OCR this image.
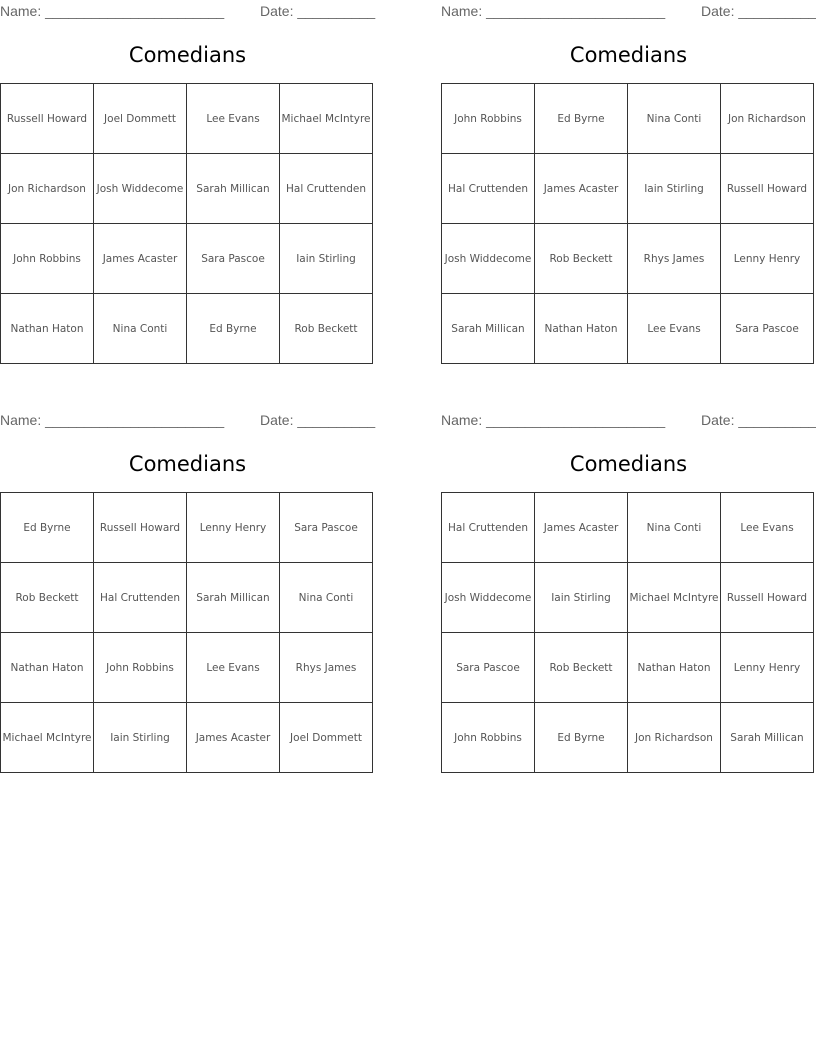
Name: _______________________	Date: __________
Comedians
Russell Howard	Joel Dommett	Lee Evans	Michael McIntyre
Jon Richardson	Josh Widdecome	Sarah Millican	Hal Cruttenden
John Robbins	James Acaster	Sara Pascoe	Iain Stirling
Nathan Haton	Nina Conti	Ed Byrne	Rob Beckett
Name: _______________________	Date: __________
Comedians
John Robbins	Ed Byrne	Nina Conti	Jon Richardson
Hal Cruttenden	James Acaster	Iain Stirling	Russell Howard
Josh Widdecome	Rob Beckett	Rhys James	Lenny Henry
Sarah Millican	Nathan Haton	Lee Evans	Sara Pascoe
Name: _______________________	Date: __________
Comedians
Ed Byrne	Russell Howard	Lenny Henry	Sara Pascoe
Rob Beckett	Hal Cruttenden	Sarah Millican	Nina Conti
Nathan Haton	John Robbins	Lee Evans	Rhys James
Michael McIntyre	Iain Stirling	James Acaster	Joel Dommett
Name: _______________________	Date: __________
Comedians
Hal Cruttenden	James Acaster	Nina Conti	Lee Evans
Josh Widdecome	Iain Stirling	Michael McIntyre	Russell Howard
Sara Pascoe	Rob Beckett	Nathan Haton	Lenny Henry
John Robbins	Ed Byrne	Jon Richardson	Sarah Millican
